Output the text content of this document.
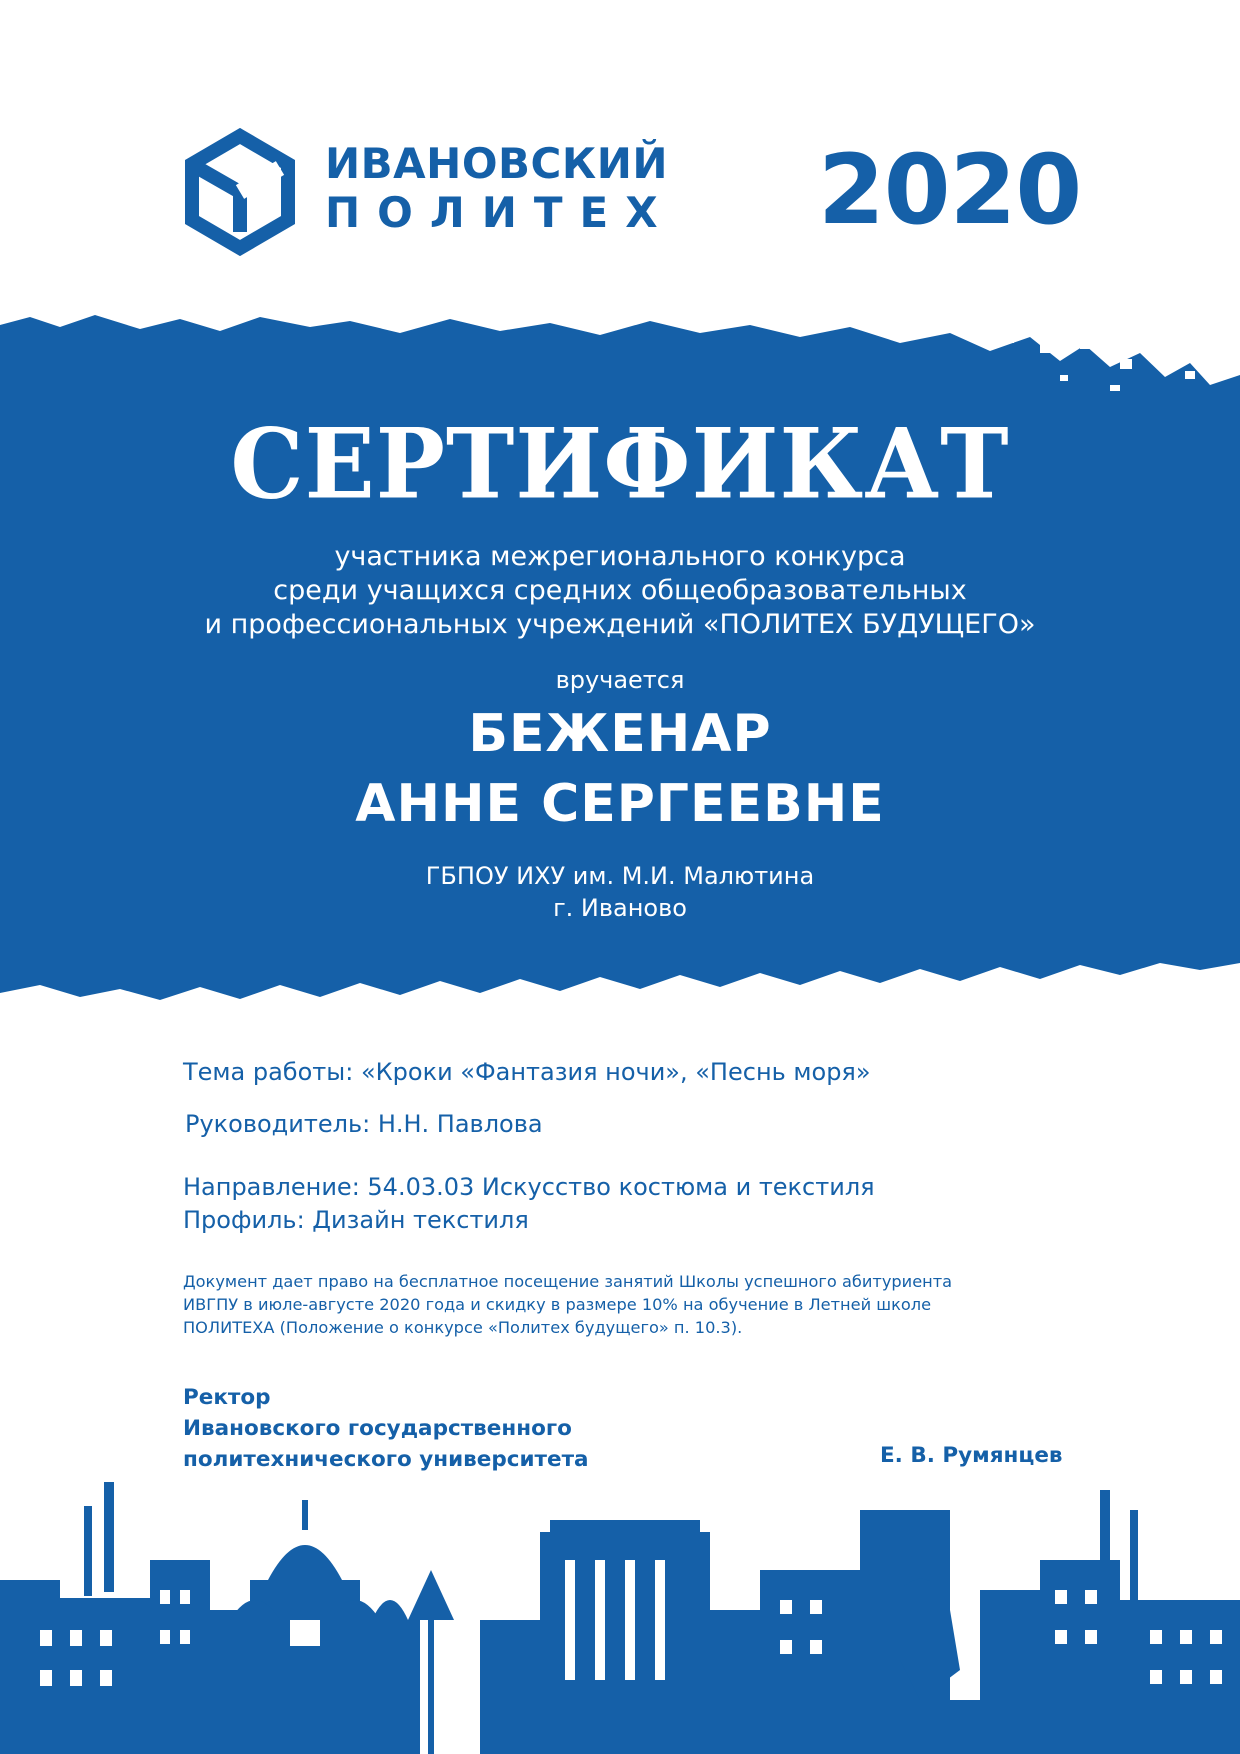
ИВАНОВСКИЙ
ПОЛИТЕХ 2020
СЕРТИФИКАТ
участника межрегионального конкурса
среди учащихся средних общеобразовательных
и профессиональных учреждений «ПОЛИТЕХ БУДУЩЕГО»
вручается
БЕЖЕНАР
АННЕ СЕРГЕЕВНЕ
ГБПОУ ИХУ им. М.И. Малютина
г. Иваново
Тема работы: «Кроки «Фантазия ночи», «Песнь моря»
Руководитель: Н.Н. Павлова
Направление: 54.03.03 Искусство костюма и текстиля
Профиль: Дизайн текстиля
Документ дает право на бесплатное посещение занятий Школы успешного абитуриента
ИВГПУ в июле-августе 2020 года и скидку в размере 10% на обучение в Летней школе
ПОЛИТЕХА (Положение о конкурсе «Политех будущего» п. 10.3).
Ректор
Ивановского государственного
политехнического университета	Е. В. Румянцев
